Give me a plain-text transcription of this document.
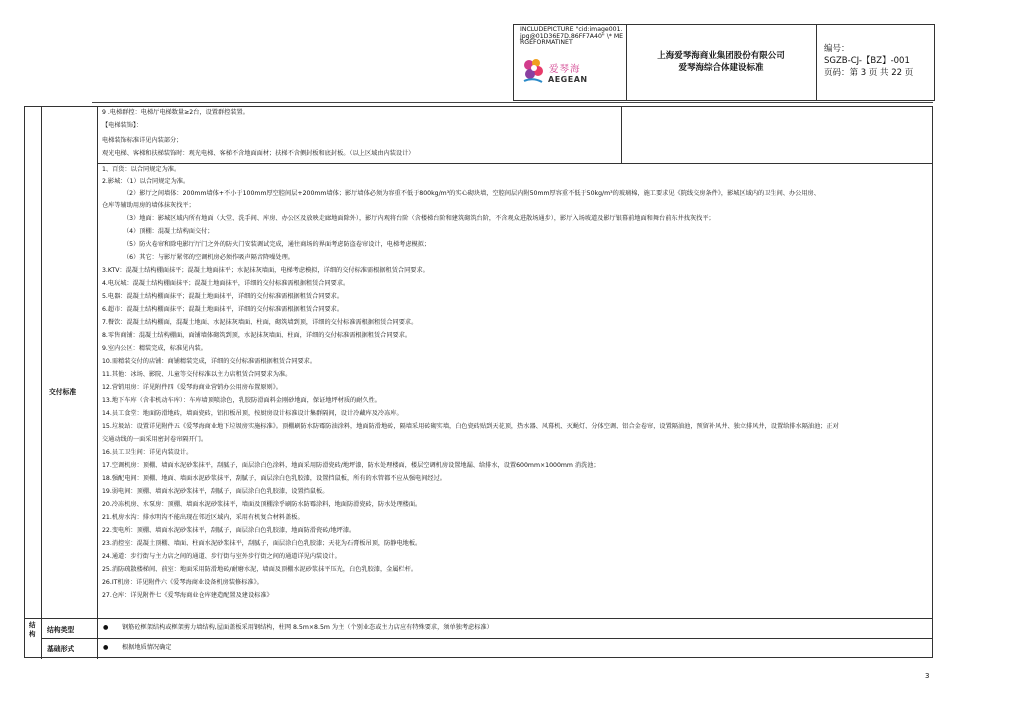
INCLUDEPICTURE "cid:image001.jpg@01D36E7D.86FF7A40" \* MERGEFORMATINET
爱琴海
AEGEAN
上海爱琴海商业集团股份有限公司
爱琴海综合体建设标准
编号：
SGZB-CJ-【BZ】-001
页码：第 3 页 共 22 页
9 .电梯群控：电梯厅电梯数量≥2台，设置群控装置。
【电梯装饰】：
电梯装饰标准详见内装部分；
观光电梯、客梯和扶梯装饰时：观光电梯、客梯不含地面面材；扶梯不含侧封板和底封板。（以上区域由内装设计）
交付标准
1、百货：以合同规定为准。
2.影城：（1）以合同规定为准。
（2）影厅之间墙体：200mm墙体+不小于100mm厚空腔间层+200mm墙体；影厅墙体必须为容重不低于800kg/m³的实心砌块墙，空腔间层内附50mm厚容重不低于50kg/m³的玻璃棉，施工要求见《院线交房条件》，影城区域内的卫生间、办公用房、
仓库等辅助用房的墙体抹灰找平；
（3）地面：影城区域内所有地面（大堂、洗手间、库房、办公区及放映走廊地面除外），影厅内观将台阶（含楼梯台阶和建筑砌筑台阶，不含观众进散场通步），影厅入场坡道及影厅银幕前地面和舞台前东井找灰找平；
（4）顶棚：混凝土结构面交付；
（5）防火卷帘和除电影厅厅门之外的防火门安装调试完成，通往商场的界面考虑防盗卷帘设计，电梯考虑模拟；
（6）其它：与影厅紧邻的空调机房必须作吸声隔音降噪处理。
3.KTV：混凝土结构棚面抹平；混凝土地面抹平；水泥抹灰墙面，电梯考虑模拟，详细的交付标准需根据租赁合同要求。
4.电玩城：混凝土结构棚面抹平；混凝土地面抹平，详细的交付标准需根据租赁合同要求。
5.电器：混凝土结构棚面抹平；混凝土地面抹平，详细的交付标准需根据租赁合同要求。
6.超市：混凝土结构棚面抹平；混凝土地面抹平，详细的交付标准需根据租赁合同要求。
7.餐饮：混凝土结构棚面，混凝土地面、水泥抹灰墙面、柱面，砌筑墙到顶，详细的交付标准需根据租赁合同要求。
8.零售商铺：混凝土结构棚面，面铺墙体砌筑到顶，水泥抹灰墙面、柱面，详细的交付标准需根据租赁合同要求。
9.室内公区：精装完成，标准见内装。
10.需精装交付的店铺：商铺精装完成，详细的交付标准需根据租赁合同要求。
11.其他：冰场、影院、儿童等交付标准以主力店租赁合同要求为准。
12.营销用房：详见附件四《爱琴海商业营销办公用房布置原则》。
13.地下车库（含非机动车库）：车库墙顶喷涂色，乳胶防滑面料金刚砂地面，保证地坪材质的耐久性。
14.员工食堂：地面防滑地砖，墙面瓷砖，铝扣板吊顶，按厨房设计标准设计集群隔间，设计冷藏库及冷冻库。
15.垃圾站：设置详见附件五《爱琴海商业地下垃圾房实施标准》。顶棚刷防水防霉防油涂料，地面防滑地砖，隔墙采用砖砌实墙，白色瓷砖贴到天花顶，热水器、风幕机、灭蝇灯、分体空调、铝合金卷帘，设置隔油池，预留补风井、独立排风井，设置给排水隔油池；正对
交通动线的一面采用密封卷帘隔开门。
16.员工卫生间：详见内装设计。
17.空调机房：顶棚、墙面水泥砂浆抹平，刮腻子，面层涂白色涂料，地面采用防滑瓷砖/地坪漆，防水处理楼面，楼层空调机房设置地漏、给排水，设置600mm×1000mm 消洗池；
18.强配电间：顶棚、地面、墙面水泥砂浆抹平，刮腻子，面层涂白色乳胶漆，设置挡鼠板，所有的水管都不应从强电间经过。
19.弱电间：顶棚、墙面水泥砂浆抹平，刮腻子，面层涂白色乳胶漆，设置挡鼠板。
20.冷冻机房、水泵房：顶棚、墙面水泥砂浆抹平，墙面及顶棚涂乎刷防水防霉涂料，地面防滑瓷砖，防水处理楼面。
21.机房水沟：排水明沟不能出现在邻近区域内，采用有机复合材料盖板。
22.变电所：顶棚、墙面水泥砂浆抹平，刮腻子，面层涂白色乳胶漆，地面防滑瓷砖/地坪漆。
23.消控室：混凝土顶棚、墙面、柱面水泥砂浆抹平，刮腻子，面层涂白色乳胶漆；天花为石膏板吊顶，防静电地板。
24.通道：步行街与主力店之间的通道、步行街与室外步行街之间的通道详见内装设计。
25.消防疏散楼梯间、前室：地面采用防滑地砖/耐磨水泥，墙面及顶棚水泥砂浆抹平压光，白色乳胶漆，金属栏杆。
26.IT机房：详见附件六《爱琴海商业设备机房装修标准》。
27.仓库：详见附件七《爱琴海商业仓库建造配置及建设标准》
结构	结构类型	● 钢筋砼框架结构或框架剪力墙结构,屋面盖板采用钢结构，柱网 8.5m×8.5m 为主（个别业态或主力店应有特殊要求，须单独考虑标准）
基础形式	● 根据地质情况确定
3
